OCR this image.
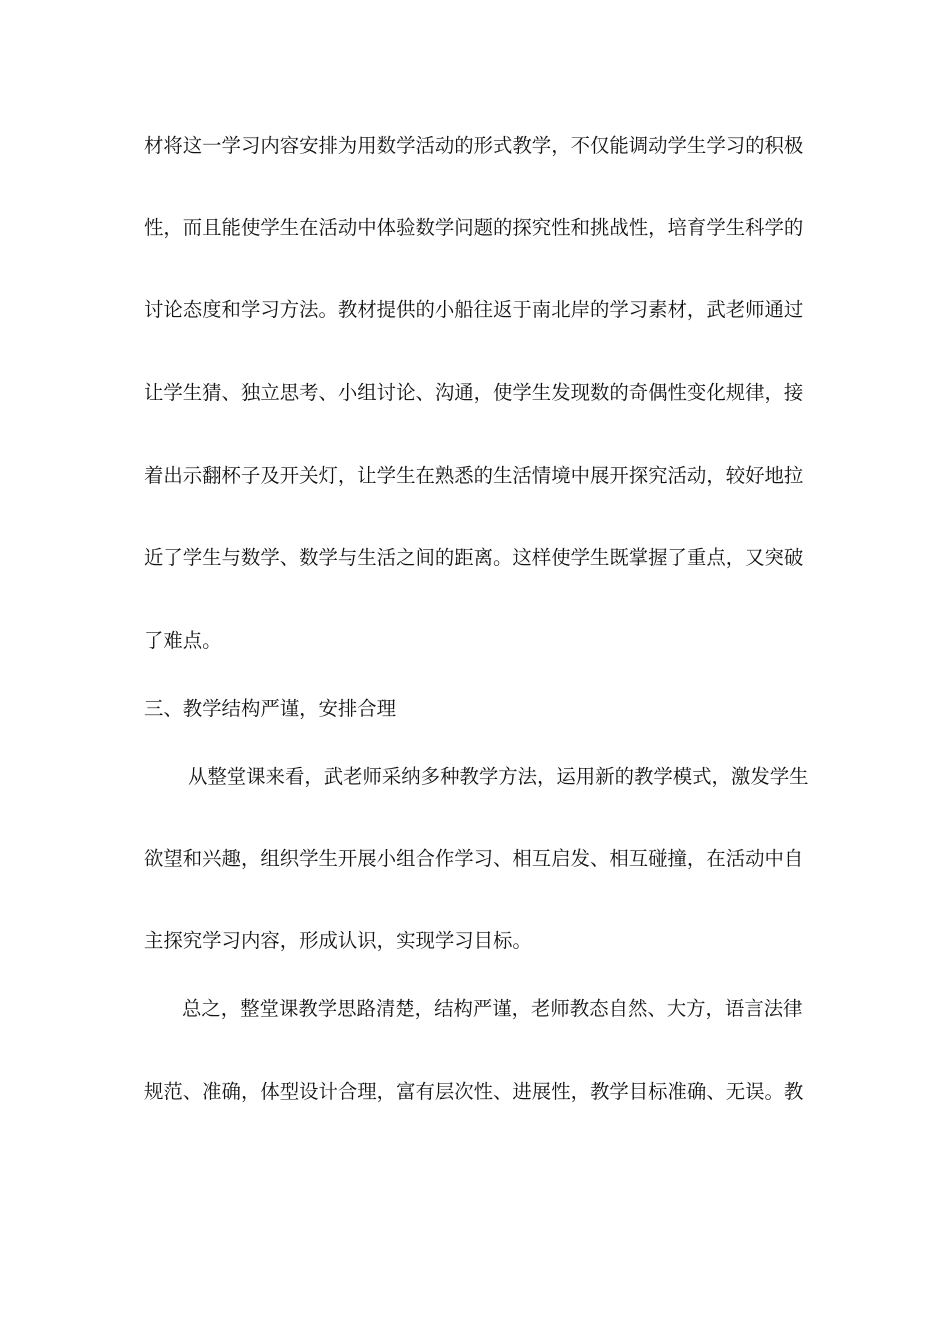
材将这一学习内容安排为用数学活动的形式教学，不仅能调动学生学习的积极
性，而且能使学生在活动中体验数学问题的探究性和挑战性，培育学生科学的
讨论态度和学习方法。教材提供的小船往返于南北岸的学习素材，武老师通过
让学生猜、独立思考、小组讨论、沟通，使学生发现数的奇偶性变化规律，接
着出示翻杯子及开关灯，让学生在熟悉的生活情境中展开探究活动，较好地拉
近了学生与数学、数学与生活之间的距离。这样使学生既掌握了重点，又突破
了难点。
三、教学结构严谨，安排合理
从整堂课来看，武老师采纳多种教学方法，运用新的教学模式，激发学生
欲望和兴趣，组织学生开展小组合作学习、相互启发、相互碰撞，在活动中自
主探究学习内容，形成认识，实现学习目标。
总之，整堂课教学思路清楚，结构严谨，老师教态自然、大方，语言法律
规范、准确，体型设计合理，富有层次性、进展性，教学目标准确、无误。教
